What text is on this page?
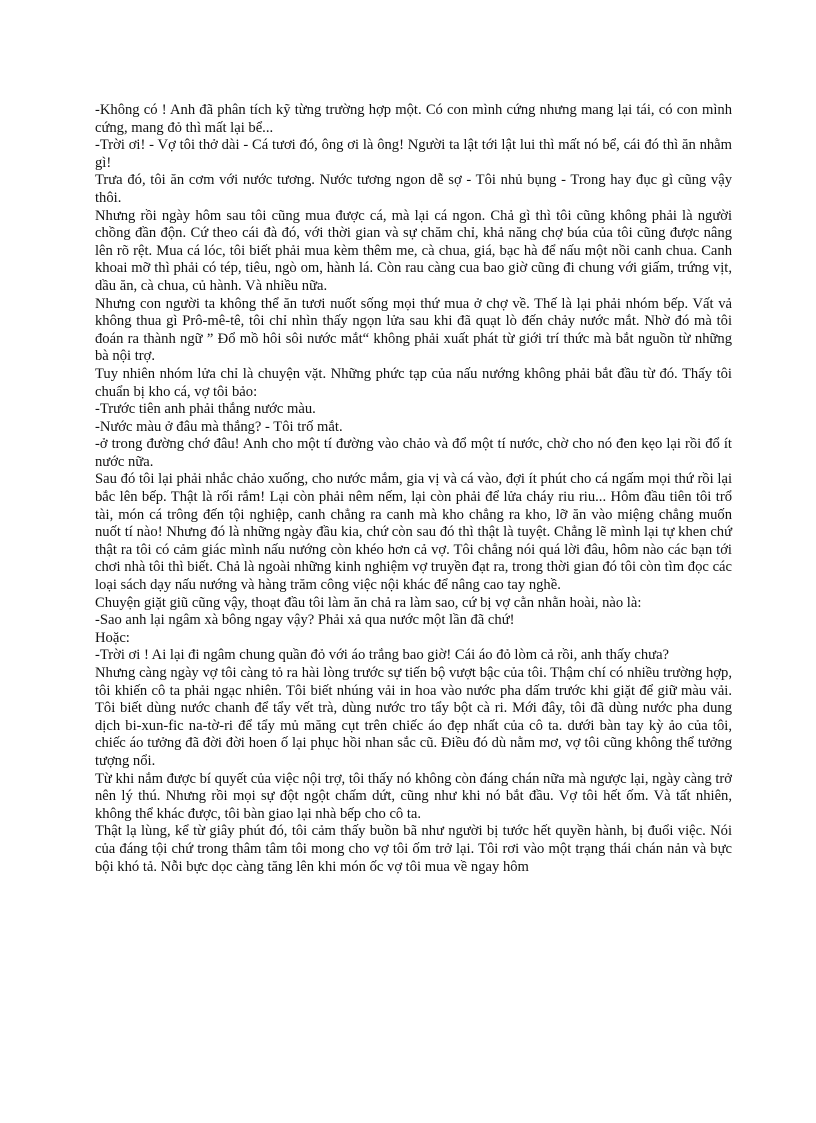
-Không có ! Anh đã phân tích kỹ từng trường hợp một. Có con mình cứng nhưng mang lại tái, có con mình cứng, mang đỏ thì mất lại bể...

-Trời ơi! - Vợ tôi thở dài - Cá tươi đó, ông ơi là ông! Người ta lật tới lật lui thì mất nó bể, cái đó thì ăn nhằm gì!

Trưa đó, tôi ăn cơm với nước tương. Nước tương ngon dễ sợ - Tôi nhủ bụng - Trong hay đục gì cũng vậy thôi.

Nhưng rồi ngày hôm sau tôi cũng mua được cá, mà lại cá ngon. Chả gì thì tôi cũng không phải là người chồng đần độn. Cứ theo cái đà đó, với thời gian và sự chăm chỉ, khả năng chợ búa của tôi cũng được nâng lên rõ rệt. Mua cá lóc, tôi biết phải mua kèm thêm me, cà chua, giá, bạc hà để nấu một nồi canh chua. Canh khoai mỡ thì phải có tép, tiêu, ngò om, hành lá. Còn rau càng cua bao giờ cũng đi chung với giấm, trứng vịt, dầu ăn, cà chua, củ hành. Và nhiều nữa.

Nhưng con người ta không thể ăn tươi nuốt sống mọi thứ mua ở chợ về. Thế là lại phải nhóm bếp. Vất vả không thua gì Prô-mê-tê, tôi chỉ nhìn thấy ngọn lửa sau khi đã quạt lò đến chảy nước mắt. Nhờ đó mà tôi đoán ra thành ngữ ” Đổ mồ hôi sôi nước mắt“ không phải xuất phát từ giới trí thức mà bắt nguồn từ những bà nội trợ.

Tuy nhiên nhóm lửa chỉ là chuyện vặt. Những phức tạp của nấu nướng không phải bắt đầu từ đó. Thấy tôi chuẩn bị kho cá, vợ tôi bảo:

-Trước tiên anh phải thắng nước màu.

-Nước màu ở đâu mà thắng? - Tôi trố mắt.

-ở trong đường chớ đâu! Anh cho một tí đường vào chảo và đổ một tí nước, chờ cho nó đen kẹo lại rồi đổ ít nước nữa.

Sau đó tôi lại phải nhắc chảo xuống, cho nước mắm, gia vị và cá vào, đợi ít phút cho cá ngấm mọi thứ rồi lại bắc lên bếp. Thật là rối rắm! Lại còn phải nêm nếm, lại còn phải để lửa cháy riu riu... Hôm đầu tiên tôi trổ tài, món cá trông đến tội nghiệp, canh chẳng ra canh mà kho chẳng ra kho, lỡ ăn vào miệng chẳng muốn nuốt tí nào! Nhưng đó là những ngày đầu kia, chứ còn sau đó thì thật là tuyệt. Chẳng lẽ mình lại tự khen chứ thật ra tôi có cảm giác mình nấu nướng còn khéo hơn cả vợ. Tôi chẳng nói quá lời đâu, hôm nào các bạn tới chơi nhà tôi thì biết. Chả là ngoài những kinh nghiệm vợ truyền đạt ra, trong thời gian đó tôi còn tìm đọc các loại sách dạy nấu nướng và hàng trăm công việc nội khác để nâng cao tay nghề.

Chuyện giặt giũ cũng vậy, thoạt đầu tôi làm ăn chả ra làm sao, cứ bị vợ cằn nhằn hoài, nào là:

-Sao anh lại ngâm xà bông ngay vậy? Phải xả qua nước một lần đã chứ!

Hoặc:

-Trời ơi ! Ai lại đi ngâm chung quần đỏ với áo trắng bao giờ! Cái áo đỏ lòm cả rồi, anh thấy chưa?

Nhưng càng ngày vợ tôi càng tỏ ra hài lòng trước sự tiến bộ vượt bậc của tôi. Thậm chí có nhiều trường hợp, tôi khiến cô ta phải ngạc nhiên. Tôi biết nhúng vải in hoa vào nước pha dấm trước khi giặt để giữ màu vải. Tôi biết dùng nước chanh để tẩy vết trà, dùng nước tro tẩy bột cà ri. Mới đây, tôi đã dùng nước pha dung dịch bi-xun-fic na-tờ-ri để tẩy mủ măng cụt trên chiếc áo đẹp nhất của cô ta. dưới bàn tay kỳ ảo của tôi, chiếc áo tưởng đã đời đời hoen ố lại phục hồi nhan sắc cũ. Điều đó dù nằm mơ, vợ tôi cũng không thể tưởng tượng nổi.

Từ khi nắm được bí quyết của việc nội trợ, tôi thấy nó không còn đáng chán nữa mà ngược lại, ngày càng trở nên lý thú. Nhưng rồi mọi sự đột ngột chấm dứt, cũng như khi nó bắt đầu. Vợ tôi hết ốm. Và tất nhiên, không thể khác được, tôi bàn giao lại nhà bếp cho cô ta.

Thật lạ lùng, kể từ giây phút đó, tôi cảm thấy buồn bã như người bị tước hết quyền hành, bị đuổi việc. Nói của đáng tội chứ trong thâm tâm tôi mong cho vợ tôi ốm trở lại. Tôi rơi vào một trạng thái chán nản và bực bội khó tả. Nỗi bực dọc càng tăng lên khi món ốc vợ tôi mua về ngay hôm
